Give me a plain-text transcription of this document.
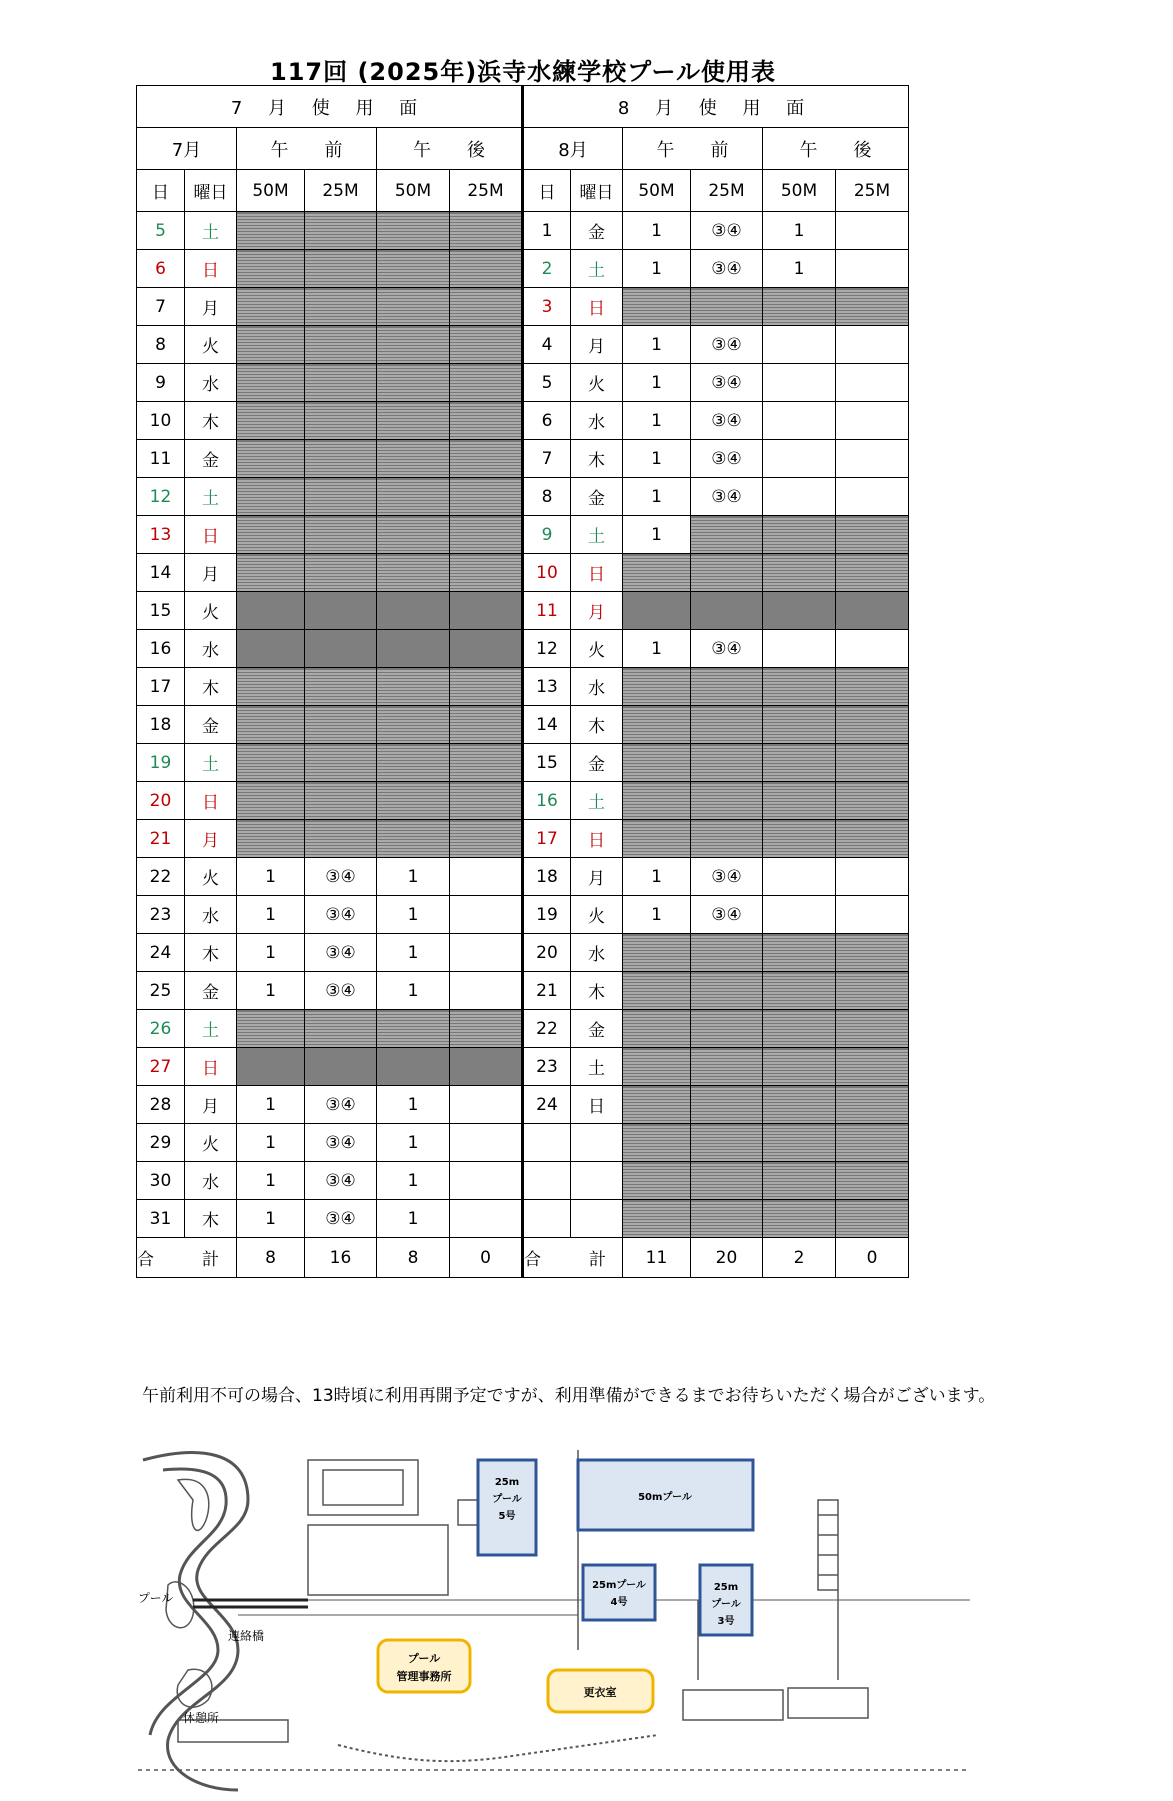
117回 (2025年)浜寺水練学校プール使用表
7 月 使 用 面						8 月 使 用 面					
7月		午　　前		午　　後		8月		午　　前		午　　後	
日	曜日	50M	25M	50M	25M	日	曜日	50M	25M	50M	25M
5	土					1	金	1	③④	1	
6	日					2	土	1	③④	1	
7	月					3	日				
8	火					4	月	1	③④		
9	水					5	火	1	③④		
10	木					6	水	1	③④		
11	金					7	木	1	③④		
12	土					8	金	1	③④		
13	日					9	土	1			
14	月					10	日				
15	火					11	月				
16	水					12	火	1	③④		
17	木					13	水				
18	金					14	木				
19	土					15	金				
20	日					16	土				
21	月					17	日				
22	火	1	③④	1		18	月	1	③④		
23	水	1	③④	1		19	火	1	③④		
24	木	1	③④	1		20	水				
25	金	1	③④	1		21	木				
26	土					22	金				
27	日					23	土				
28	月	1	③④	1		24	日				
29	火	1	③④	1							
30	水	1	③④	1							
31	木	1	③④	1							
合 計		8	16	8	0	合 計		11	20	2	0
午前利用不可の場合、13時頃に利用再開予定ですが、利用準備ができるまでお待ちいただく場合がございます。
25m
プール
5号
50mプール
25mプール
4号
25m
プール
3号
プール
管理事務所
更衣室
プール
連絡橋
休憩所
